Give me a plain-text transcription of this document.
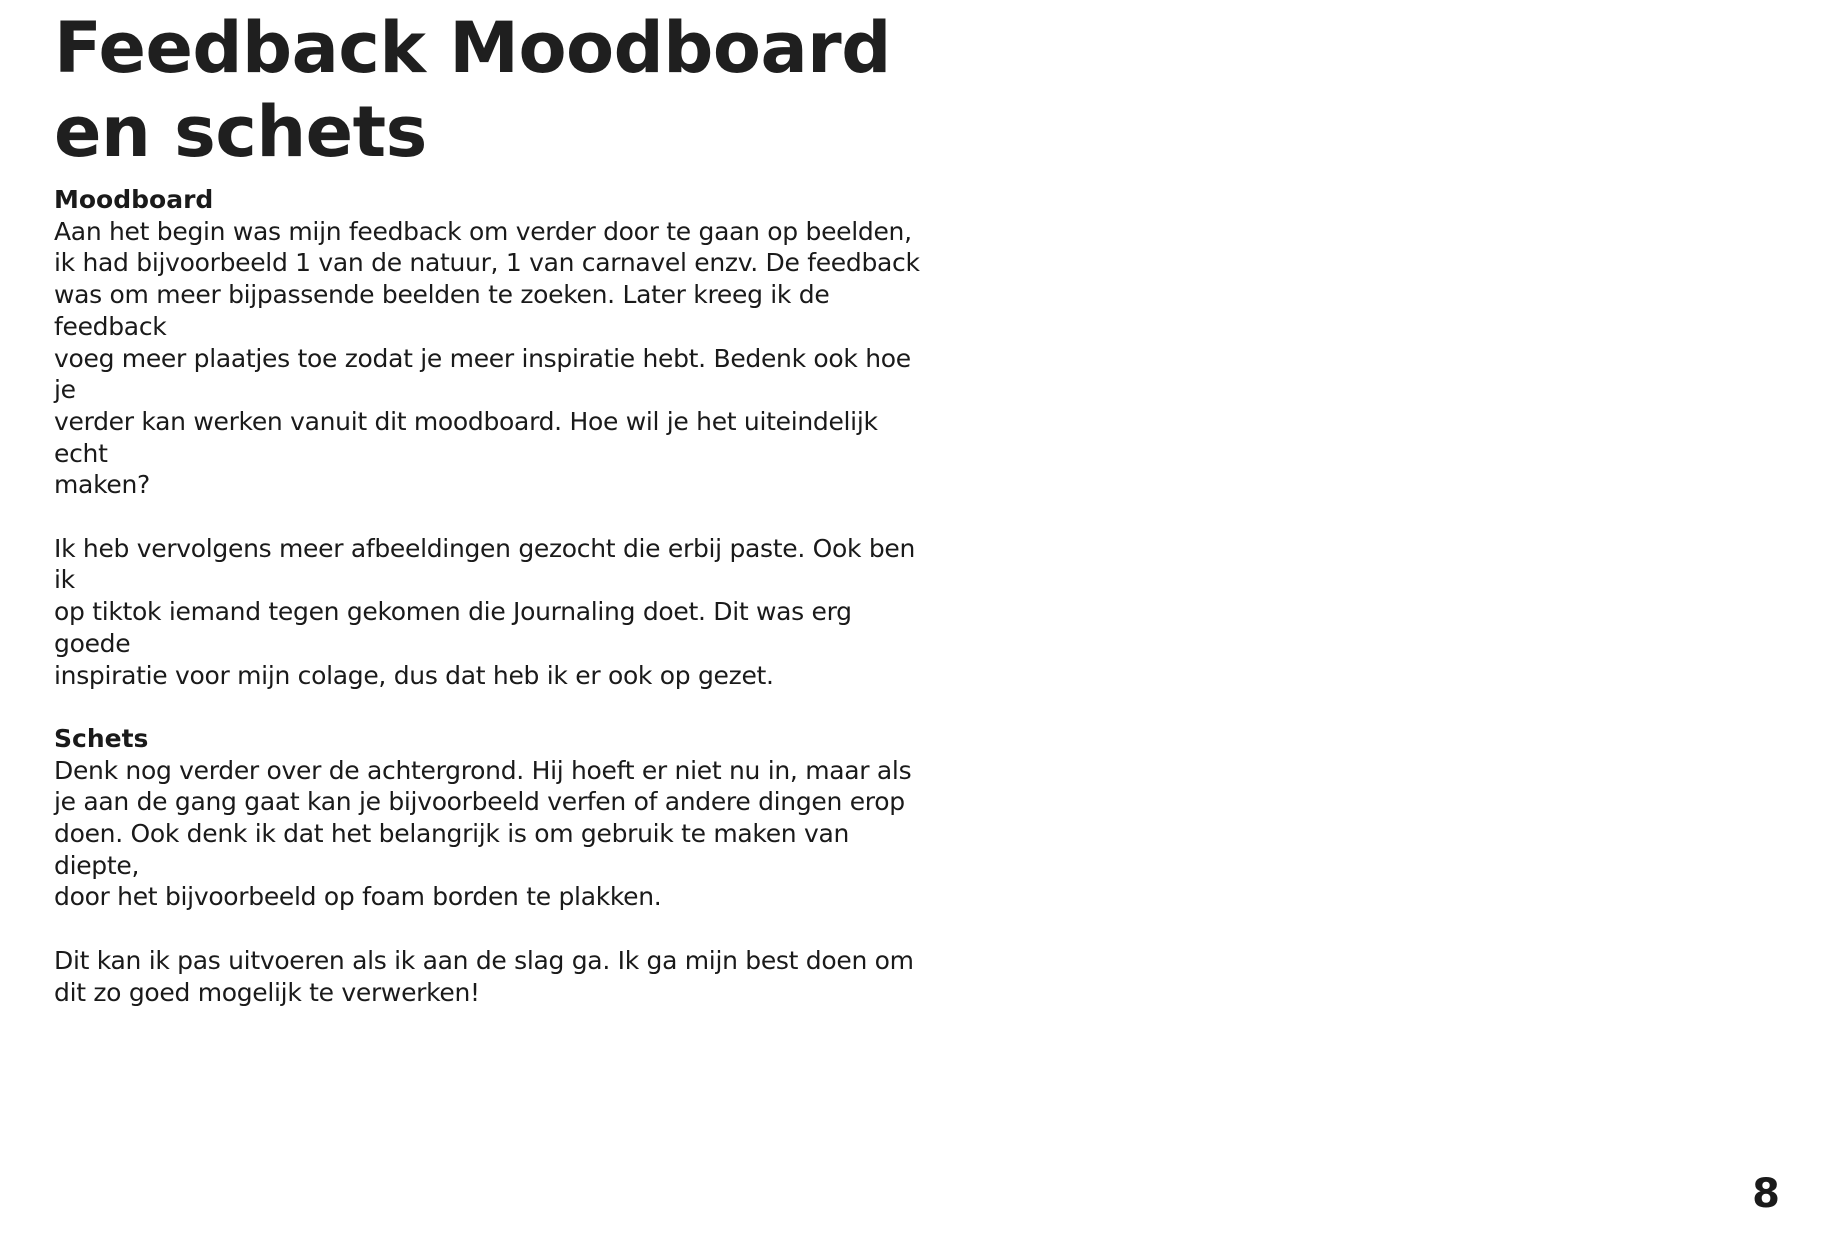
Feedback Moodboard
en schets
Moodboard

Aan het begin was mijn feedback om verder door te gaan op beelden,
ik had bijvoorbeeld 1 van de natuur, 1 van carnavel enzv. De feedback
was om meer bijpassende beelden te zoeken. Later kreeg ik de feedback
voeg meer plaatjes toe zodat je meer inspiratie hebt. Bedenk ook hoe je
verder kan werken vanuit dit moodboard. Hoe wil je het uiteindelijk echt
maken?

Ik heb vervolgens meer afbeeldingen gezocht die erbij paste. Ook ben ik
op tiktok iemand tegen gekomen die Journaling doet. Dit was erg goede
inspiratie voor mijn colage, dus dat heb ik er ook op gezet.

Schets

Denk nog verder over de achtergrond. Hij hoeft er niet nu in, maar als
je aan de gang gaat kan je bijvoorbeeld verfen of andere dingen erop
doen. Ook denk ik dat het belangrijk is om gebruik te maken van diepte,
door het bijvoorbeeld op foam borden te plakken.

Dit kan ik pas uitvoeren als ik aan de slag ga. Ik ga mijn best doen om
dit zo goed mogelijk te verwerken!

8
